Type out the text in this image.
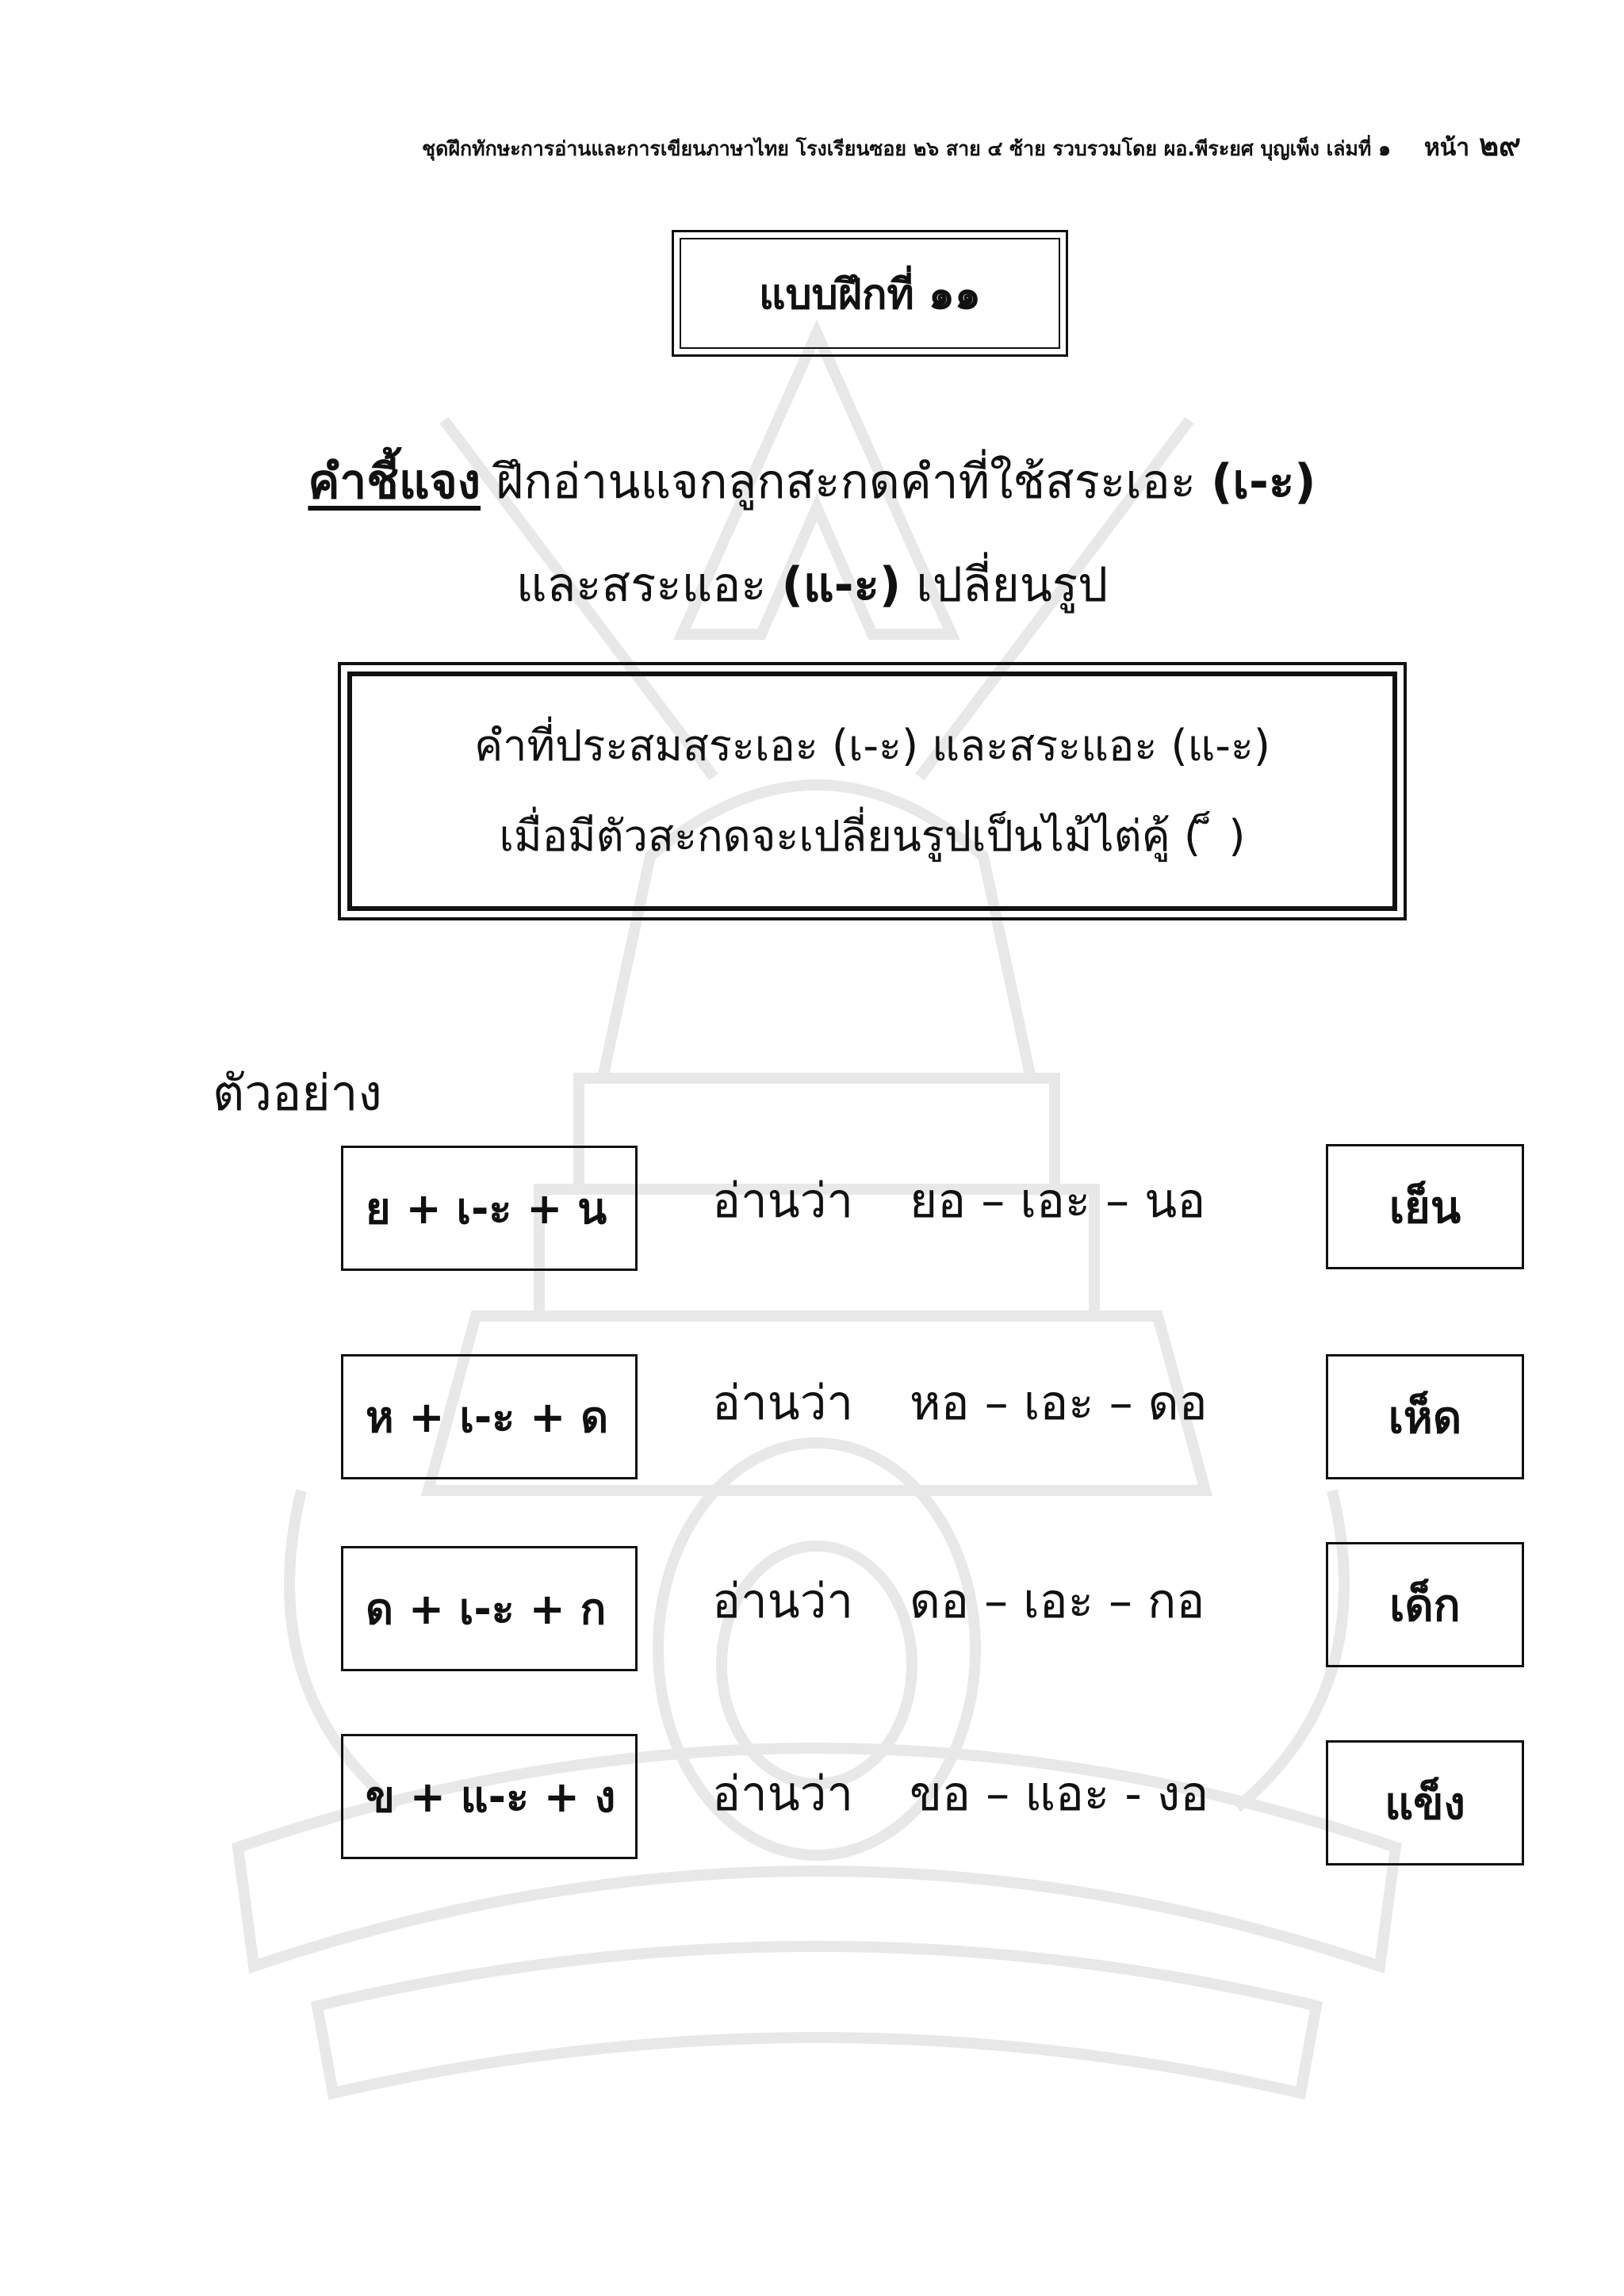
ชุดฝึกทักษะการอ่านและการเขียนภาษาไทย โรงเรียนซอย ๒๖ สาย ๔ ซ้าย รวบรวมโดย ผอ.พีระยศ บุญเพ็ง เล่มที่ ๑ หน้า ๒๙
แบบฝึกที่ ๑๑
คำชี้แจง ฝึกอ่านแจกลูกสะกดคำที่ใช้สระเอะ (เ-ะ)
และสระแอะ (แ-ะ) เปลี่ยนรูป
คำที่ประสมสระเอะ (เ-ะ) และสระแอะ (แ-ะ)
เมื่อมีตัวสะกดจะเปลี่ยนรูปเป็นไม้ไต่คู้ ( ็ )
ตัวอย่าง
ย + เ-ะ + น	อ่านว่า ยอ – เอะ – นอ	เย็น
ห + เ-ะ + ด	อ่านว่า หอ – เอะ – ดอ	เห็ด
ด + เ-ะ + ก	อ่านว่า ดอ – เอะ – กอ	เด็ก
ข + แ-ะ + ง	อ่านว่า ขอ – แอะ - งอ	แข็ง
